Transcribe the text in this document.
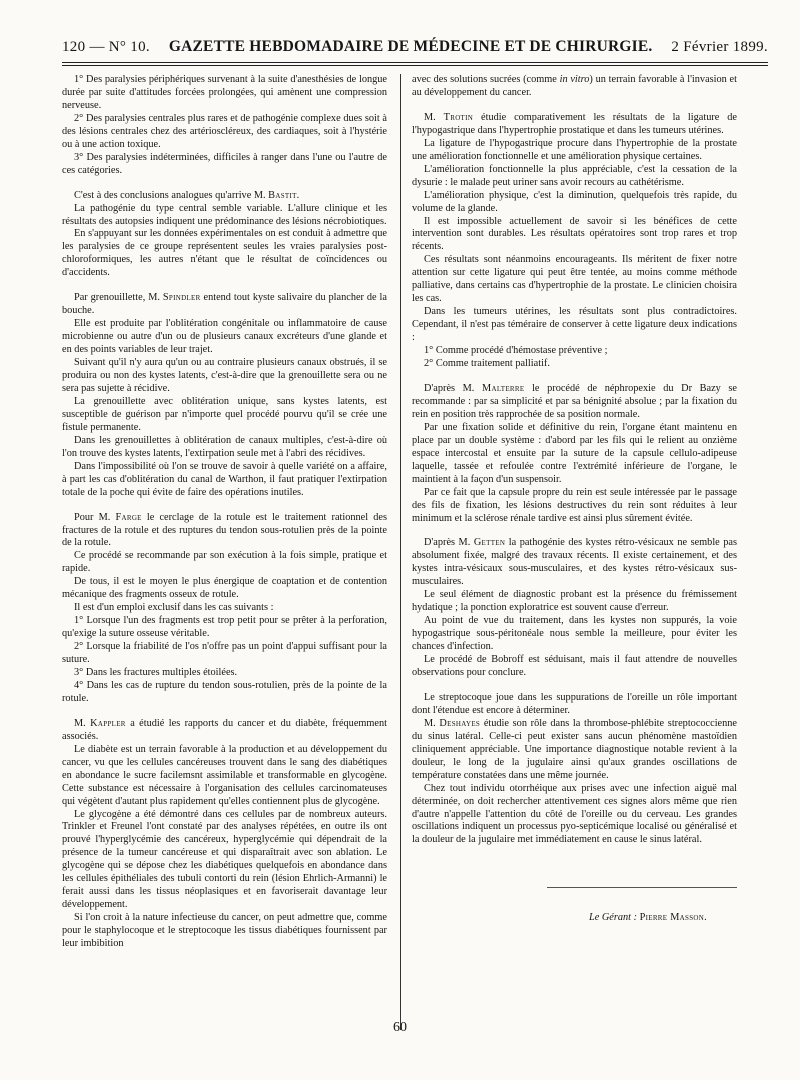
120 — N° 10. GAZETTE HEBDOMADAIRE DE MÉDECINE ET DE CHIRURGIE. 2 Février 1899.

1° Des paralysies périphériques survenant à la suite d'anesthésies de longue durée par suite d'attitudes forcées prolongées, qui amènent une compression nerveuse.

2° Des paralysies centrales plus rares et de pathogénie complexe dues soit à des lésions centrales chez des artérioscléreux, des cardiaques, soit à l'hystérie ou à une action toxique.

3° Des paralysies indéterminées, difficiles à ranger dans l'une ou l'autre de ces catégories.

C'est à des conclusions analogues qu'arrive M. Bastit.

La pathogénie du type central semble variable. L'allure clinique et les résultats des autopsies indiquent une prédominance des lésions nécrobiotiques.

En s'appuyant sur les données expérimentales on est conduit à admettre que les paralysies de ce groupe représentent seules les vraies paralysies post-chloroformiques, les autres n'étant que le résultat de coïncidences ou d'accidents.

Par grenouillette, M. Spindler entend tout kyste salivaire du plancher de la bouche.

Elle est produite par l'oblitération congénitale ou inflammatoire de cause microbienne ou autre d'un ou de plusieurs canaux excréteurs d'une glande et en des points variables de leur trajet.

Suivant qu'il n'y aura qu'un ou au contraire plusieurs canaux obstrués, il se produira ou non des kystes latents, c'est-à-dire que la grenouillette sera ou ne sera pas sujette à récidive.

La grenouillette avec oblitération unique, sans kystes latents, est susceptible de guérison par n'importe quel procédé pourvu qu'il se crée une fistule permanente.

Dans les grenouillettes à oblitération de canaux multiples, c'est-à-dire où l'on trouve des kystes latents, l'extirpation seule met à l'abri des récidives.

Dans l'impossibilité où l'on se trouve de savoir à quelle variété on a affaire, à part les cas d'oblitération du canal de Warthon, il faut pratiquer l'extirpation totale de la poche qui évite de faire des opérations inutiles.

Pour M. Farge le cerclage de la rotule est le traitement rationnel des fractures de la rotule et des ruptures du tendon sous-rotulien près de la pointe de la rotule.

Ce procédé se recommande par son exécution à la fois simple, pratique et rapide.

De tous, il est le moyen le plus énergique de coaptation et de contention mécanique des fragments osseux de rotule.

Il est d'un emploi exclusif dans les cas suivants :

1° Lorsque l'un des fragments est trop petit pour se prêter à la perforation, qu'exige la suture osseuse véritable.

2° Lorsque la friabilité de l'os n'offre pas un point d'appui suffisant pour la suture.

3° Dans les fractures multiples étoilées.

4° Dans les cas de rupture du tendon sous-rotulien, près de la pointe de la rotule.

M. Kappler a étudié les rapports du cancer et du diabète, fréquemment associés.

Le diabète est un terrain favorable à la production et au développement du cancer, vu que les cellules cancéreuses trouvent dans le sang des diabétiques en abondance le sucre facilemsnt assimilable et transformable en glycogène. Cette substance est nécessaire à l'organisation des cellules carcinomateuses qui végètent d'autant plus rapidement qu'elles contiennent plus de glycogène.

Le glycogène a été démontré dans ces cellules par de nombreux auteurs. Trinkler et Freunel l'ont constaté par des analyses répétées, en outre ils ont prouvé l'hyperglycémie des cancéreux, hyperglycémie qui dépendrait de la présence de la tumeur cancéreuse et qui disparaîtrait avec son ablation. Le glycogène qui se dépose chez les diabétiques quelquefois en abondance dans les cellules épithéliales des tubuli contorti du rein (lésion Ehrlich-Armanni) le ferait aussi dans les tissus néoplasiques et en favoriserait davantage leur développement.

Si l'on croit à la nature infectieuse du cancer, on peut admettre que, comme pour le staphylocoque et le streptocoque les tissus diabétiques fournissent par leur imbibition

avec des solutions sucrées (comme in vitro) un terrain favorable à l'invasion et au développement du cancer.

M. Trotin étudie comparativement les résultats de la ligature de l'hypogastrique dans l'hypertrophie prostatique et dans les tumeurs utérines.

La ligature de l'hypogastrique procure dans l'hypertrophie de la prostate une amélioration fonctionnelle et une amélioration physique certaines.

L'amélioration fonctionnelle la plus appréciable, c'est la cessation de la dysurie : le malade peut uriner sans avoir recours au cathétérisme.

L'amélioration physique, c'est la diminution, quelquefois très rapide, du volume de la glande.

Il est impossible actuellement de savoir si les bénéfices de cette intervention sont durables. Les résultats opératoires sont trop rares et trop récents.

Ces résultats sont néanmoins encourageants. Ils méritent de fixer notre attention sur cette ligature qui peut être tentée, au moins comme méthode palliative, dans certains cas d'hypertrophie de la prostate. Le clinicien choisira les cas.

Dans les tumeurs utérines, les résultats sont plus contradictoires. Cependant, il n'est pas téméraire de conserver à cette ligature deux indications :

1° Comme procédé d'hémostase préventive ;

2° Comme traitement palliatif.

D'après M. Malterre le procédé de néphropexie du Dr Bazy se recommande : par sa simplicité et par sa bénignité absolue ; par la fixation du rein en position très rapprochée de sa position normale.

Par une fixation solide et définitive du rein, l'organe étant maintenu en place par un double système : d'abord par les fils qui le relient au onzième espace intercostal et ensuite par la suture de la capsule cellulo-adipeuse laquelle, tassée et refoulée contre l'extrémité inférieure de l'organe, le maintient à la façon d'un suspensoir.

Par ce fait que la capsule propre du rein est seule intéressée par le passage des fils de fixation, les lésions destructives du rein sont réduites à leur minimum et la sclérose rénale tardive est ainsi plus sûrement évitée.

D'après M. Getten la pathogénie des kystes rétro-vésicaux ne semble pas absolument fixée, malgré des travaux récents. Il existe certainement, et des kystes intra-vésicaux sous-musculaires, et des kystes rétro-vésicaux sus-musculaires.

Le seul élément de diagnostic probant est la présence du frémissement hydatique ; la ponction exploratrice est souvent cause d'erreur.

Au point de vue du traitement, dans les kystes non suppurés, la voie hypogastrique sous-péritonéale nous semble la meilleure, pour éviter les chances d'infection.

Le procédé de Bobroff est séduisant, mais il faut attendre de nouvelles observations pour conclure.

Le streptocoque joue dans les suppurations de l'oreille un rôle important dont l'étendue est encore à déterminer.

M. Deshayes étudie son rôle dans la thrombose-phlébite streptococcienne du sinus latéral. Celle-ci peut exister sans aucun phénomène mastoïdien cliniquement appréciable. Une importance diagnostique notable revient à la douleur, le long de la jugulaire ainsi qu'aux grandes oscillations de température constatées dans une même journée.

Chez tout individu otorrhéique aux prises avec une infection aiguë mal déterminée, on doit rechercher attentivement ces signes alors même que rien d'autre n'appelle l'attention du côté de l'oreille ou du cerveau. Les grandes oscillations indiquent un processus pyo-septicémique localisé ou généralisé et la douleur de la jugulaire met immédiatement en cause le sinus latéral.

Le Gérant : Pierre Masson.
60
